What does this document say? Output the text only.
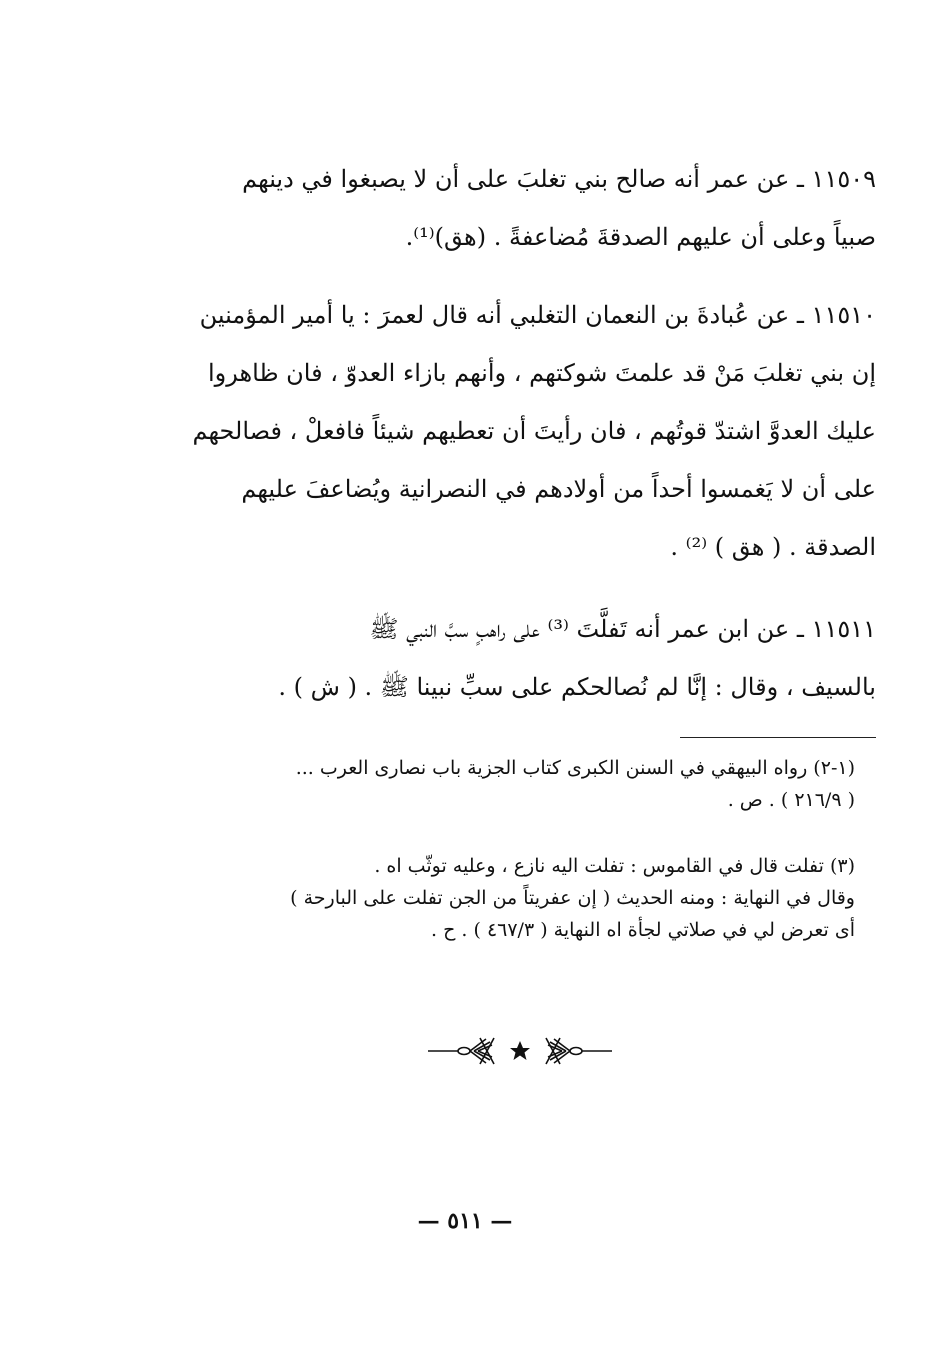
١١٥٠٩ ـ عن عمر أنه صالح بني تغلبَ على أن لا يصبغوا في دينهم
صبياً وعلى أن عليهم الصدقةَ مُضاعفةً . (هق)⁽¹⁾.
١١٥١٠ ـ عن عُبادةَ بن النعمان التغلبي أنه قال لعمرَ : يا أمير المؤمنين
إن بني تغلبَ مَنْ قد علمتَ شوكتهم ، وأنهم بازاء العدوّ ، فان ظاهروا
عليك العدوَّ اشتدّ قوتُهم ، فان رأيتَ أن تعطيهم شيئاً فافعلْ ، فصالحهم
على أن لا يَغمسوا أحداً من أولادهم في النصرانية ويُضاعفَ عليهم
الصدقة . ( هق ) ⁽²⁾ .
١١٥١١ ـ عن ابن عمر أنه تَفلَّتَ ⁽³⁾ على راهبٍ سبَّ النبي ﷺ
بالسيف ، وقال : إنَّا لم نُصالحكم على سبِّ نبينا ﷺ . ( ش ) .
(١-٢) رواه البيهقي في السنن الكبرى كتاب الجزية باب نصارى العرب ...
( ٢١٦/٩ ) . ص .
(٣) تفلت قال في القاموس : تفلت اليه نازع ، وعليه توثّب اه .
وقال في النهاية : ومنه الحديث ( إن عفريتاً من الجن تفلت على البارحة )
أى تعرض لي في صلاتي لجأة اه النهاية ( ٤٦٧/٣ ) . ح .
— ٥١١ —
